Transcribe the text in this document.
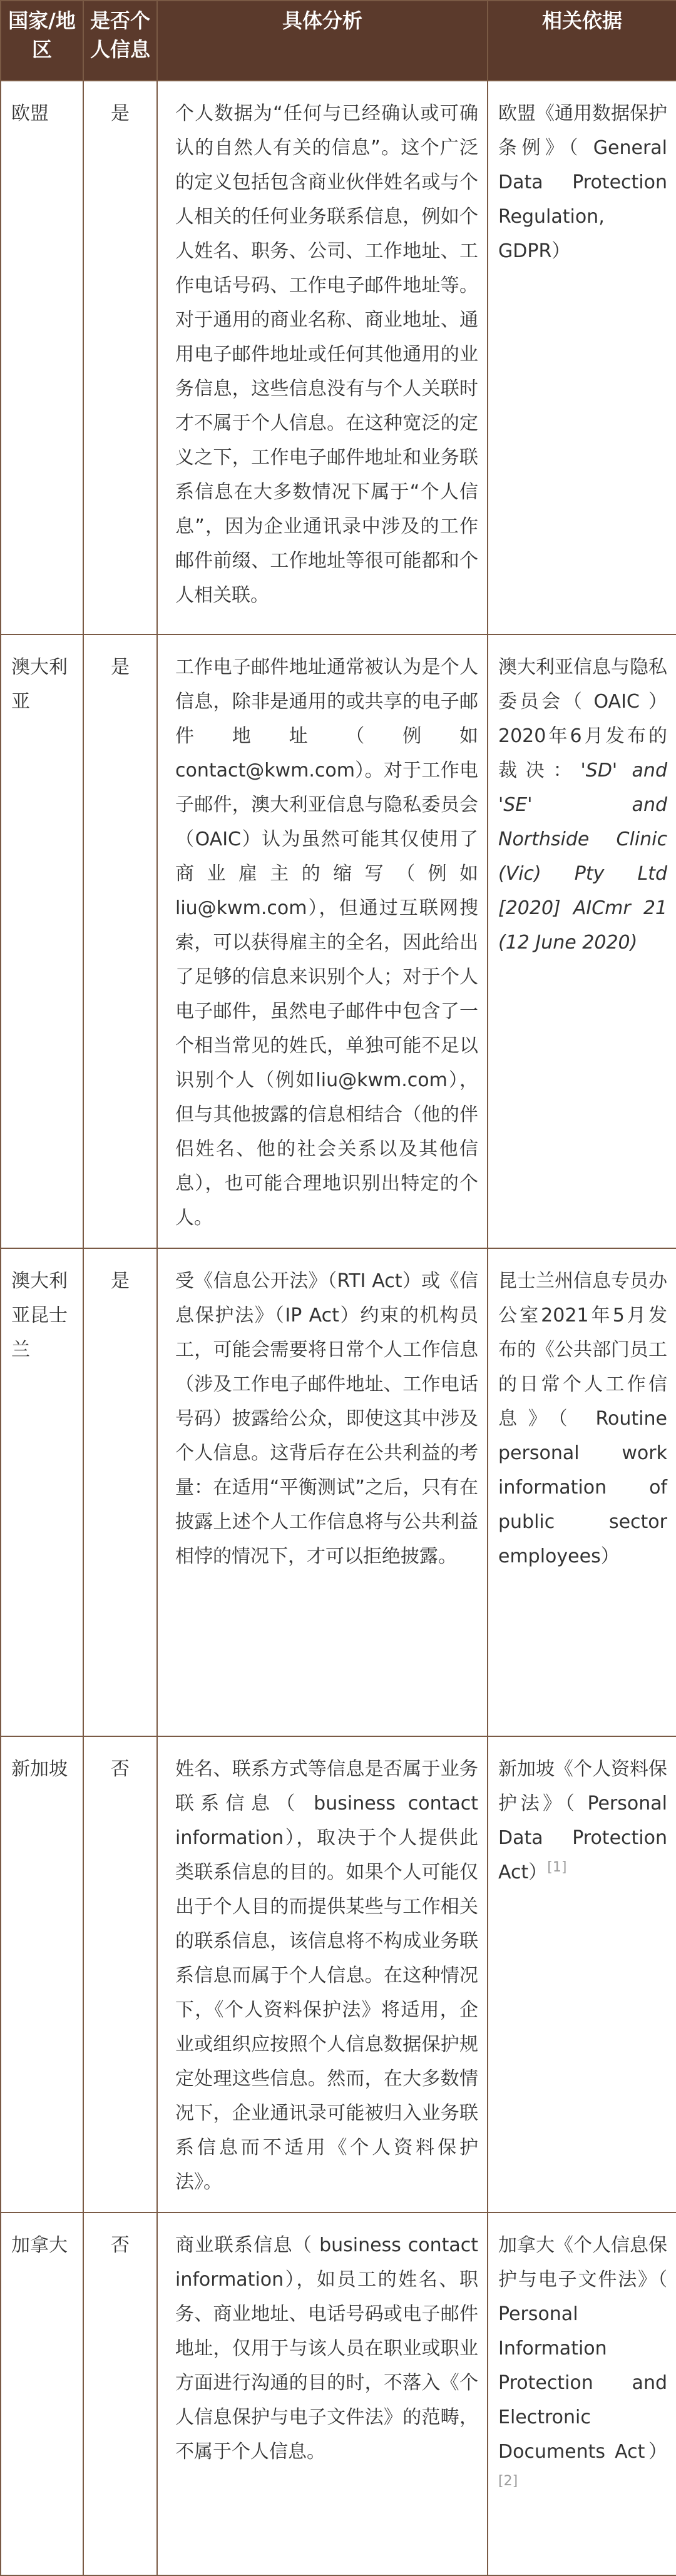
国家/地区	是否个人信息	具体分析	相关依据
欧盟	是	个人数据为“任何与已经确认或可确认的自然人有关的信息”。这个广泛的定义包括包含商业伙伴姓名或与个人相关的任何业务联系信息，例如个人姓名、职务、公司、工作地址、工作电话号码、工作电子邮件地址等。对于通用的商业名称、商业地址、通用电子邮件地址或任何其他通用的业务信息，这些信息没有与个人关联时才不属于个人信息。在这种宽泛的定义之下，工作电子邮件地址和业务联系信息在大多数情况下属于“个人信息”，因为企业通讯录中涉及的工作邮件前缀、工作地址等很可能都和个人相关联。	欧盟《通用数据保护条例》（ General Data Protection Regulation, GDPR）
澳大利亚	是	工作电子邮件地址通常被认为是个人信息，除非是通用的或共享的电子邮件地址（例如contact@kwm.com）。对于工作电子邮件，澳大利亚信息与隐私委员会（OAIC）认为虽然可能其仅使用了商业雇主的缩写（例如liu@kwm.com），但通过互联网搜索，可以获得雇主的全名，因此给出了足够的信息来识别个人；对于个人电子邮件，虽然电子邮件中包含了一个相当常见的姓氏，单独可能不足以识别个人（例如liu@kwm.com），但与其他披露的信息相结合（他的伴侣姓名、他的社会关系以及其他信息），也可能合理地识别出特定的个人。	澳大利亚信息与隐私委员会（ OAIC ）2020年6月发布的裁决：'SD' and 'SE' and Northside Clinic (Vic) Pty Ltd [2020] AICmr 21 (12 June 2020)
澳大利亚昆士兰	是	受《信息公开法》（RTI Act）或《信息保护法》（IP Act）约束的机构员工，可能会需要将日常个人工作信息（涉及工作电子邮件地址、工作电话号码）披露给公众，即使这其中涉及个人信息。这背后存在公共利益的考量：在适用“平衡测试”之后，只有在披露上述个人工作信息将与公共利益相悖的情况下，才可以拒绝披露。	昆士兰州信息专员办公室2021年5月发布的《公共部门员工的日常个人工作信息》（ Routine personal work information of public sector employees）
新加坡	否	姓名、联系方式等信息是否属于业务联系信息（ business contact information），取决于个人提供此类联系信息的目的。如果个人可能仅出于个人目的而提供某些与工作相关的联系信息，该信息将不构成业务联系信息而属于个人信息。在这种情况下，《个人资料保护法》将适用，企业或组织应按照个人信息数据保护规定处理这些信息。然而，在大多数情况下，企业通讯录可能被归入业务联系信息而不适用《个人资料保护法》。	新加坡《个人资料保护法》（ Personal Data Protection Act）[1]
加拿大	否	商业联系信息（ business contact information），如员工的姓名、职务、商业地址、电话号码或电子邮件地址，仅用于与该人员在职业或职业方面进行沟通的目的时，不落入《个人信息保护与电子文件法》的范畴，不属于个人信息。	加拿大《个人信息保护与电子文件法》（ Personal Information Protection and Electronic Documents Act）[2]
